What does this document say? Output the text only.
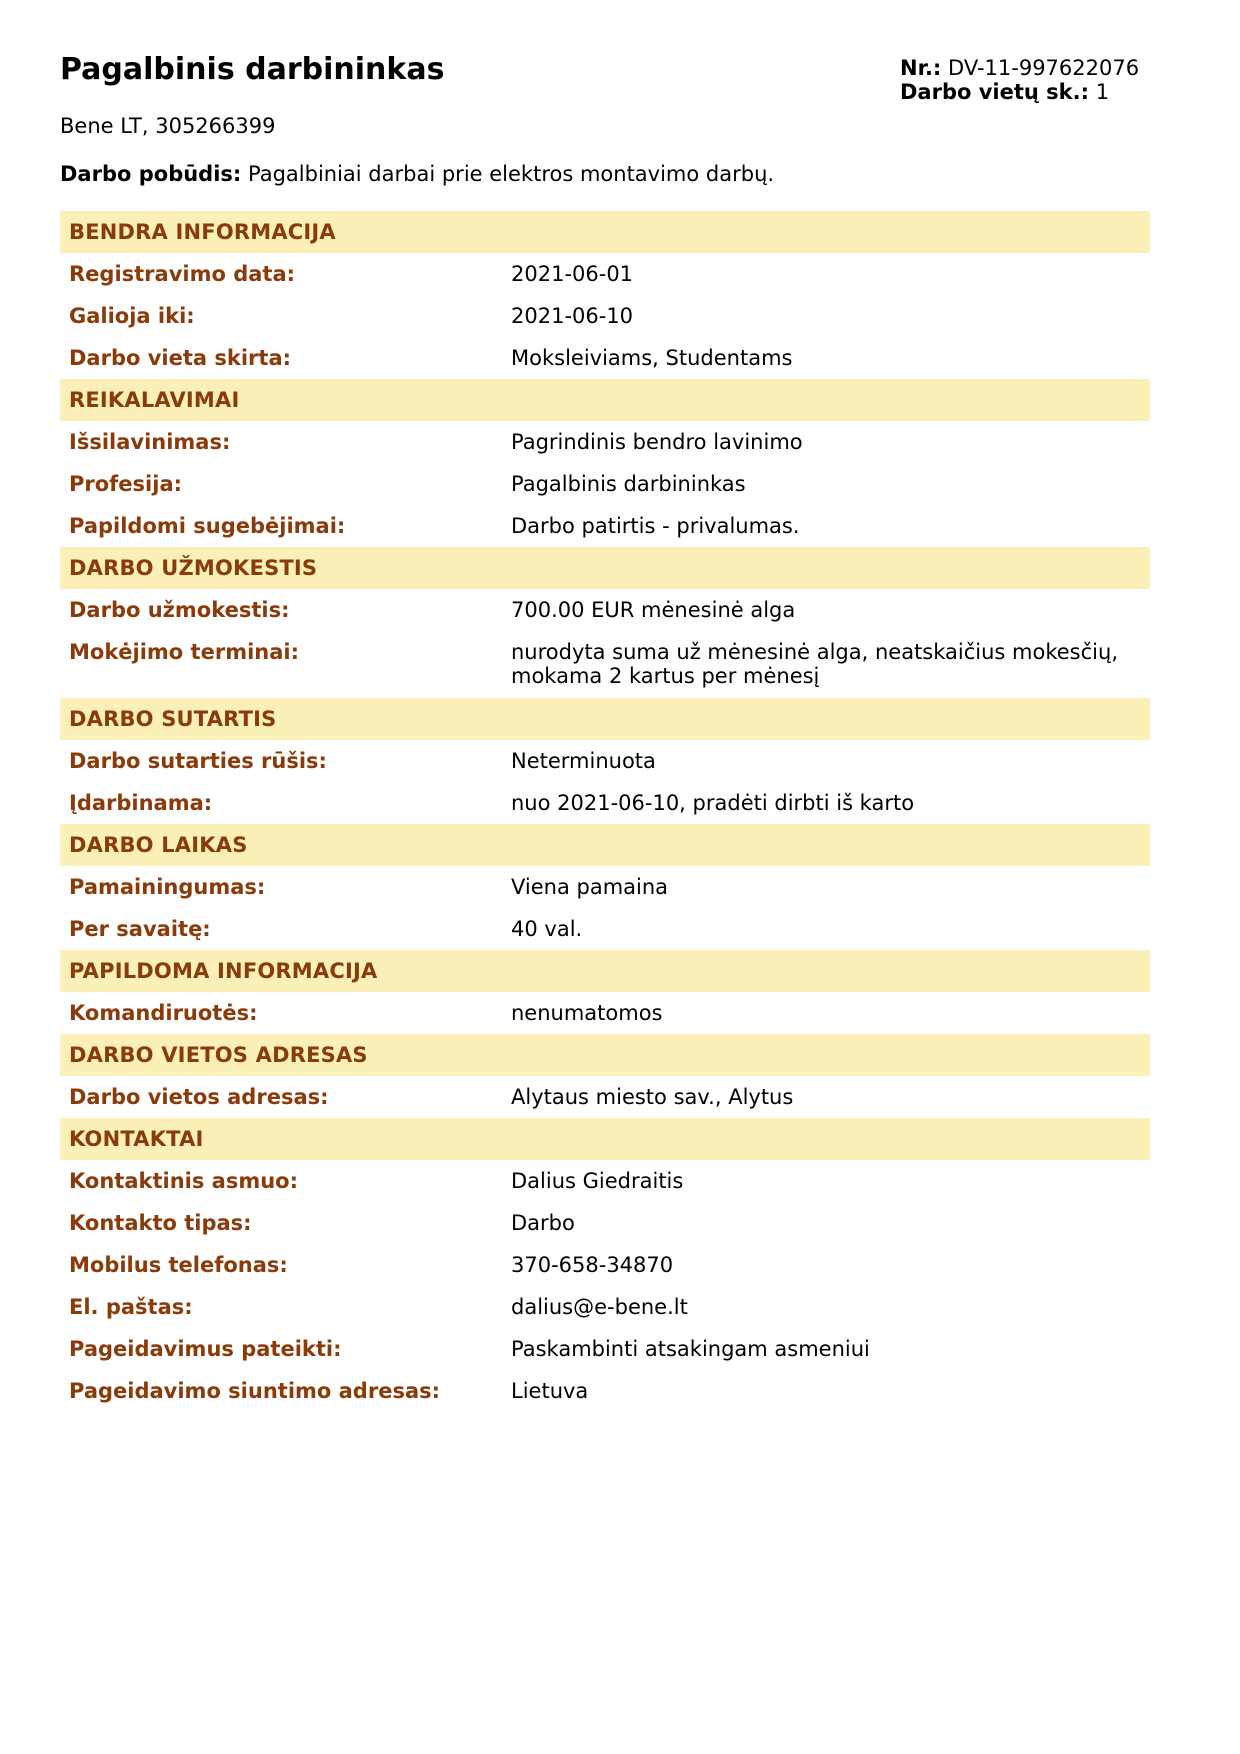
Pagalbinis darbininkas	Nr.: DV-11-997622076
Darbo vietų sk.: 1
Bene LT, 305266399
Darbo pobūdis: Pagalbiniai darbai prie elektros montavimo darbų.
BENDRA INFORMACIJA
Registravimo data:	2021-06-01
Galioja iki:	2021-06-10
Darbo vieta skirta:	Moksleiviams, Studentams
REIKALAVIMAI
Išsilavinimas:	Pagrindinis bendro lavinimo
Profesija:	Pagalbinis darbininkas
Papildomi sugebėjimai:	Darbo patirtis - privalumas.
DARBO UŽMOKESTIS
Darbo užmokestis:	700.00 EUR mėnesinė alga
Mokėjimo terminai:	nurodyta suma už mėnesinė alga, neatskaičius mokesčių, mokama 2 kartus per mėnesį
DARBO SUTARTIS
Darbo sutarties rūšis:	Neterminuota
Įdarbinama:	nuo 2021-06-10, pradėti dirbti iš karto
DARBO LAIKAS
Pamainingumas:	Viena pamaina
Per savaitę:	40 val.
PAPILDOMA INFORMACIJA
Komandiruotės:	nenumatomos
DARBO VIETOS ADRESAS
Darbo vietos adresas:	Alytaus miesto sav., Alytus
KONTAKTAI
Kontaktinis asmuo:	Dalius Giedraitis
Kontakto tipas:	Darbo
Mobilus telefonas:	370-658-34870
El. paštas:	dalius@e-bene.lt
Pageidavimus pateikti:	Paskambinti atsakingam asmeniui
Pageidavimo siuntimo adresas:	Lietuva
